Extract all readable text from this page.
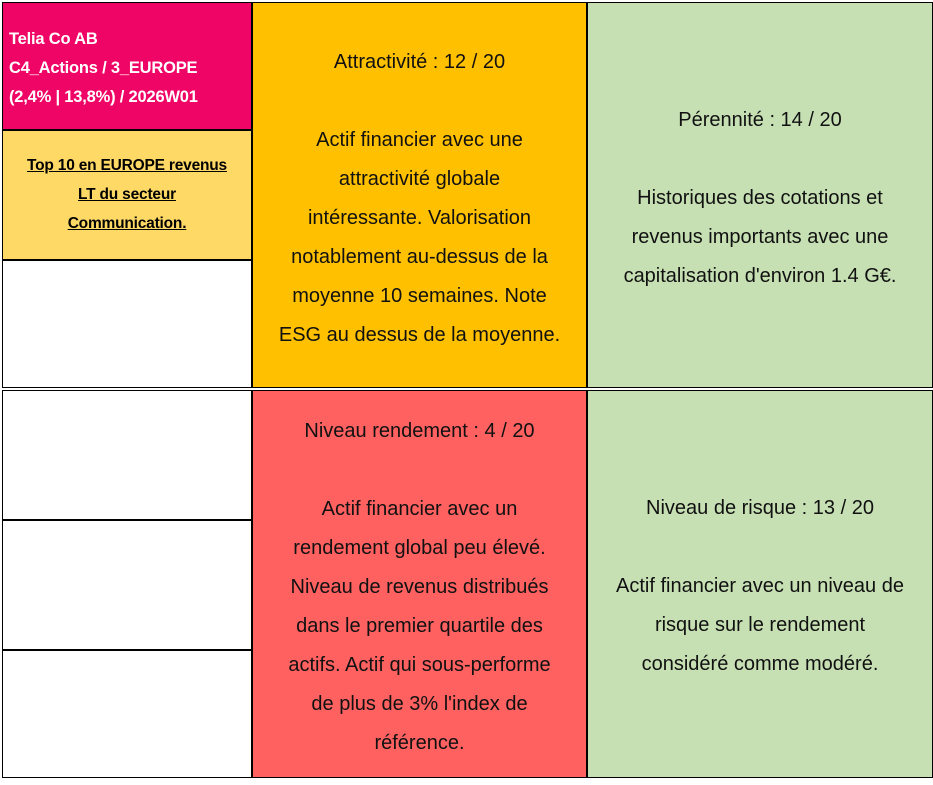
Telia Co AB
C4_Actions / 3_EUROPE
(2,4% | 13,8%) / 2026W01
Top 10 en EUROPE revenus
LT du secteur
Communication.
Attractivité : 12 / 20
Actif financier avec une
attractivité globale
intéressante. Valorisation
notablement au-dessus de la
moyenne 10 semaines. Note
ESG au dessus de la moyenne.
Pérennité : 14 / 20
Historiques des cotations et
revenus importants avec une
capitalisation d'environ 1.4 G€.
Niveau rendement : 4 / 20
Actif financier avec un
rendement global peu élevé.
Niveau de revenus distribués
dans le premier quartile des
actifs. Actif qui sous-performe
de plus de 3% l'index de
référence.
Niveau de risque : 13 / 20
Actif financier avec un niveau de
risque sur le rendement
considéré comme modéré.
